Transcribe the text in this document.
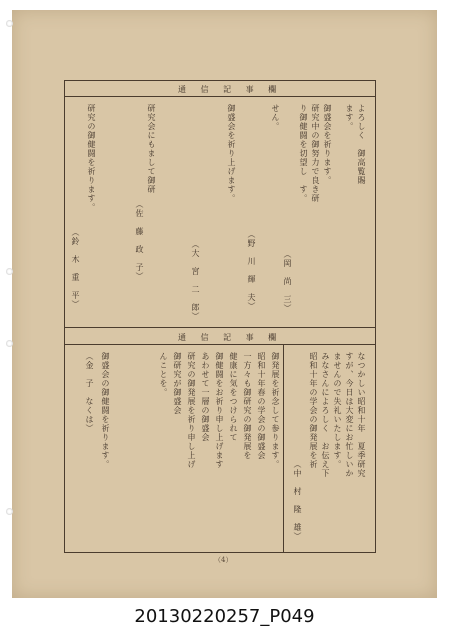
通 信 記 事 欄
通 信 記 事 欄
よろしく　御高覧賜
ます。
御盛会を祈ります。
研究中の御努力で良き研
り御健闘を切望し　す。
（岡　尚　三）
せん。
（野　川　輝　夫）
御盛会を祈り上げます。
（大　宮　二　郎）
研究会にもまして御研
（佐　藤　政　子）
研究の御健闘を祈ります。
（鈴　木　重　平）
なつかしい昭和十年　夏季研究
すが、今日は大変にお忙しいか
ませんので失礼いたします。
みなさんによろしく　お伝え下
昭和十年の学会の御発展を祈
（中　村　隆　雄）
御発展を祈念して参ります。
昭和十年春の学会の御盛会
一方々も御研究の御発展を
健康に気をつけられて
御健闘をお祈り申し上げます
あわせて一層の御盛会
研究の御発展を祈り申し上げ
御研究が御盛会
んことを。
御盛会の御健闘を祈ります。
（金　子　なくは）
（4）
20130220257_P049
